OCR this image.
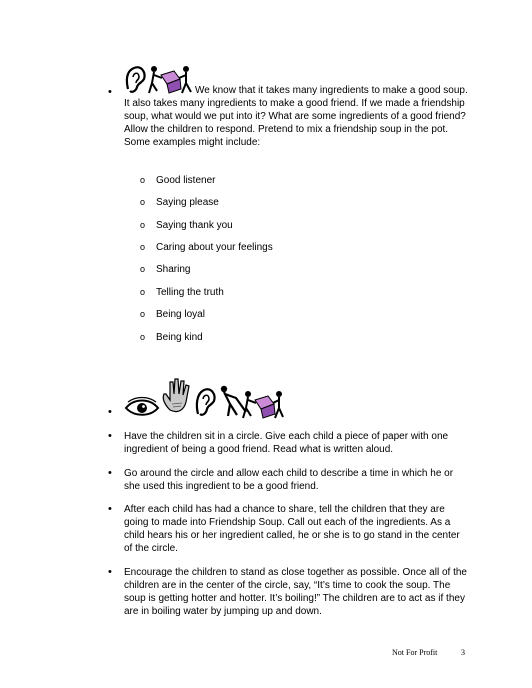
•	We know that it takes many ingredients to make a good soup. It also takes many ingredients to make a good friend. If we made a friendship soup, what would we put into it? What are some ingredients of a good friend? Allow the children to respond. Pretend to mix a friendship soup in the pot. Some examples might include:

o Good listener
o Saying please
o Saying thank you
o Caring about your feelings
o Sharing
o Telling the truth
o Being loyal
o Being kind
•
• Have the children sit in a circle. Give each child a piece of paper with one ingredient of being a good friend. Read what is written aloud.

• Go around the circle and allow each child to describe a time in which he or she used this ingredient to be a good friend.

• After each child has had a chance to share, tell the children that they are going to made into Friendship Soup. Call out each of the ingredients. As a child hears his or her ingredient called, he or she is to go stand in the center of the circle.

• Encourage the children to stand as close together as possible. Once all of the children are in the center of the circle, say, “It’s time to cook the soup. The soup is getting hotter and hotter. It’s boiling!” The children are to act as if they are in boiling water by jumping up and down.

Not For Profit	3
